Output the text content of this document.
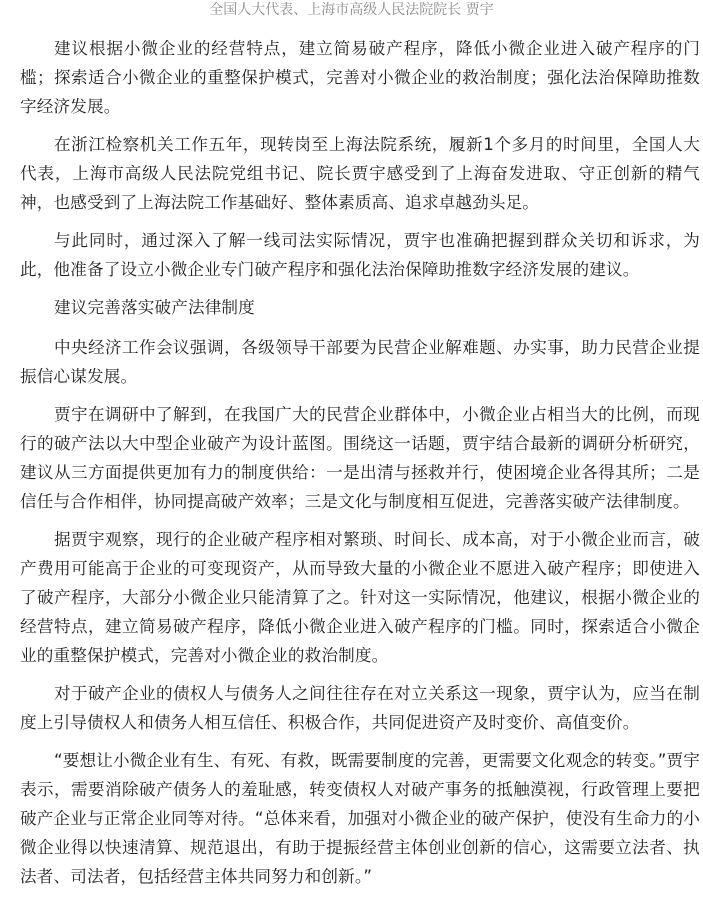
全国人大代表、上海市高级人民法院院长 贾宇

建议根据小微企业的经营特点，建立简易破产程序，降低小微企业进入破产程序的门槛；探索适合小微企业的重整保护模式，完善对小微企业的救治制度；强化法治保障助推数字经济发展。

在浙江检察机关工作五年，现转岗至上海法院系统，履新1个多月的时间里，全国人大代表，上海市高级人民法院党组书记、院长贾宇感受到了上海奋发进取、守正创新的精气神，也感受到了上海法院工作基础好、整体素质高、追求卓越劲头足。

与此同时，通过深入了解一线司法实际情况，贾宇也准确把握到群众关切和诉求，为此，他准备了设立小微企业专门破产程序和强化法治保障助推数字经济发展的建议。

建议完善落实破产法律制度

中央经济工作会议强调，各级领导干部要为民营企业解难题、办实事，助力民营企业提振信心谋发展。

贾宇在调研中了解到，在我国广大的民营企业群体中，小微企业占相当大的比例，而现行的破产法以大中型企业破产为设计蓝图。围绕这一话题，贾宇结合最新的调研分析研究，建议从三方面提供更加有力的制度供给：一是出清与拯救并行，使困境企业各得其所；二是信任与合作相伴，协同提高破产效率；三是文化与制度相互促进，完善落实破产法律制度。

据贾宇观察，现行的企业破产程序相对繁琐、时间长、成本高，对于小微企业而言，破产费用可能高于企业的可变现资产，从而导致大量的小微企业不愿进入破产程序；即使进入了破产程序，大部分小微企业只能清算了之。针对这一实际情况，他建议，根据小微企业的经营特点，建立简易破产程序，降低小微企业进入破产程序的门槛。同时，探索适合小微企业的重整保护模式，完善对小微企业的救治制度。

对于破产企业的债权人与债务人之间往往存在对立关系这一现象，贾宇认为，应当在制度上引导债权人和债务人相互信任、积极合作，共同促进资产及时变价、高值变价。

“要想让小微企业有生、有死、有救，既需要制度的完善，更需要文化观念的转变。”贾宇表示，需要消除破产债务人的羞耻感，转变债权人对破产事务的抵触漠视，行政管理上要把破产企业与正常企业同等对待。“总体来看，加强对小微企业的破产保护，使没有生命力的小微企业得以快速清算、规范退出，有助于提振经营主体创业创新的信心，这需要立法者、执法者、司法者，包括经营主体共同努力和创新。”
